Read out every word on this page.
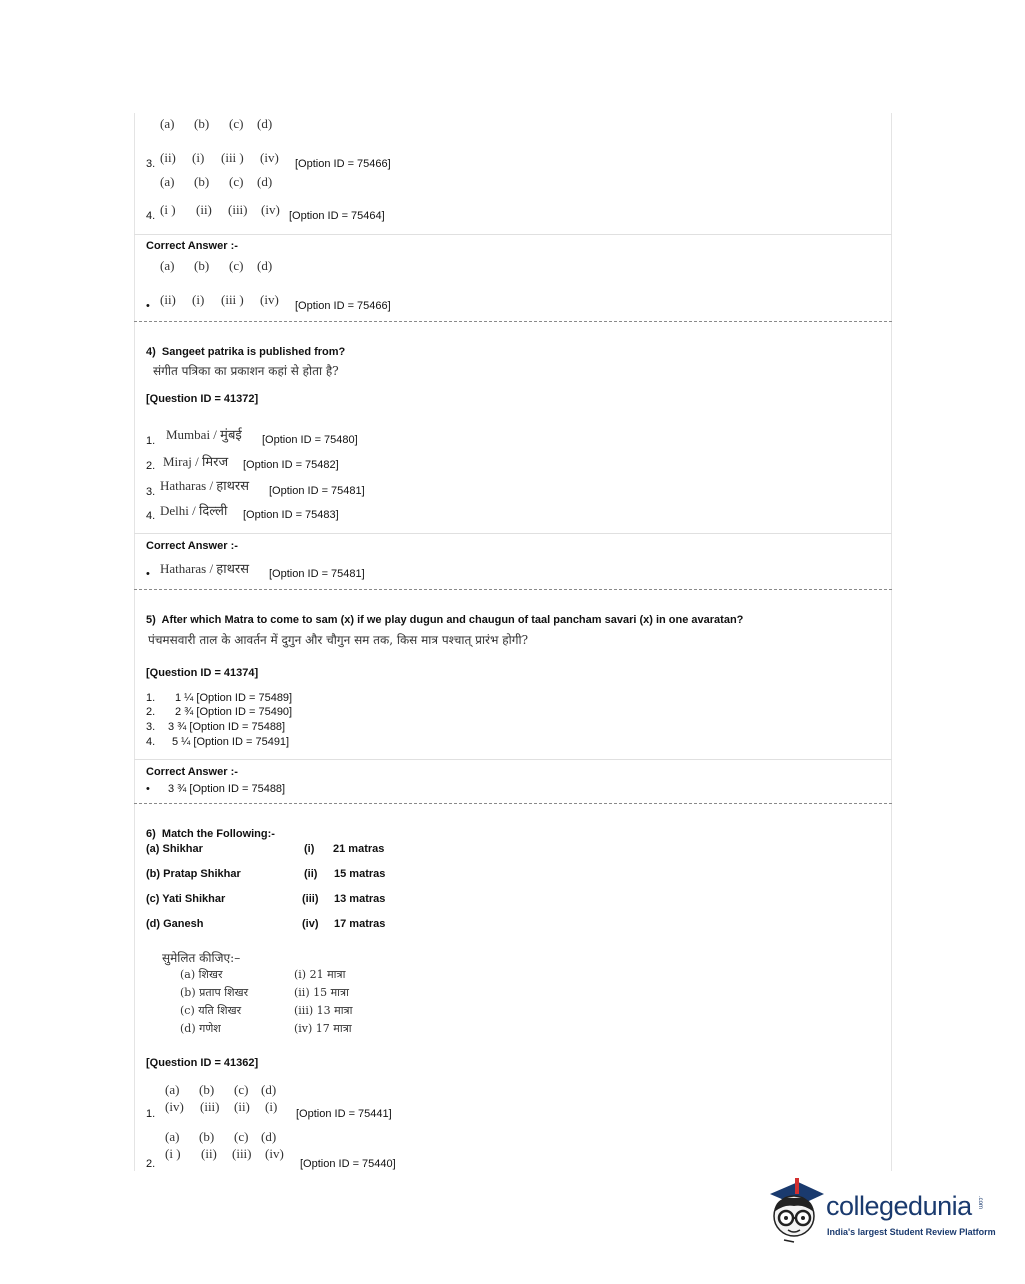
(a) (b) (c) (d)
3. (ii) (i) (iii ) (iv) [Option ID = 75466]
(a) (b) (c) (d)
4. (i ) (ii) (iii) (iv) [Option ID = 75464]
Correct Answer :-
(a) (b) (c) (d)
• (ii) (i) (iii ) (iv) [Option ID = 75466]
4) Sangeet patrika is published from?
संगीत पत्रिका का प्रकाशन कहां से होता है?
[Question ID = 41372]
1. Mumbai / मुंबई [Option ID = 75480]
2. Miraj / मिरज [Option ID = 75482]
3. Hatharas / हाथरस [Option ID = 75481]
4. Delhi / दिल्ली [Option ID = 75483]
Correct Answer :-
• Hatharas / हाथरस [Option ID = 75481]
5) After which Matra to come to sam (x) if we play dugun and chaugun of taal pancham savari (x) in one avaratan?
पंचमसवारी ताल के आवर्तन में दुगुन और चौगुन सम तक, किस मात्र पश्चात् प्रारंभ होगी?
[Question ID = 41374]
1. 1 ¼ [Option ID = 75489]
2. 2 ¾ [Option ID = 75490]
3. 3 ¾ [Option ID = 75488]
4. 5 ¼ [Option ID = 75491]
Correct Answer :-
• 3 ¾ [Option ID = 75488]
6) Match the Following:-
(a) Shikhar	(i) 21 matras
(b) Pratap Shikhar	(ii) 15 matras
(c) Yati Shikhar	(iii) 13 matras
(d) Ganesh	(iv) 17 matras
सुमेलित कीजिए:–
(a) शिखर	(i) 21 मात्रा
(b) प्रताप शिखर	(ii) 15 मात्रा
(c) यति शिखर	(iii) 13 मात्रा
(d) गणेश	(iv) 17 मात्रा
[Question ID = 41362]
(a) (b) (c) (d)
1. (iv) (iii) (ii) (i) [Option ID = 75441]
(a) (b) (c) (d)
2.
(i ) (ii) (iii) (iv)
[Option ID = 75440]
collegedunia .com
India's largest Student Review Platform
